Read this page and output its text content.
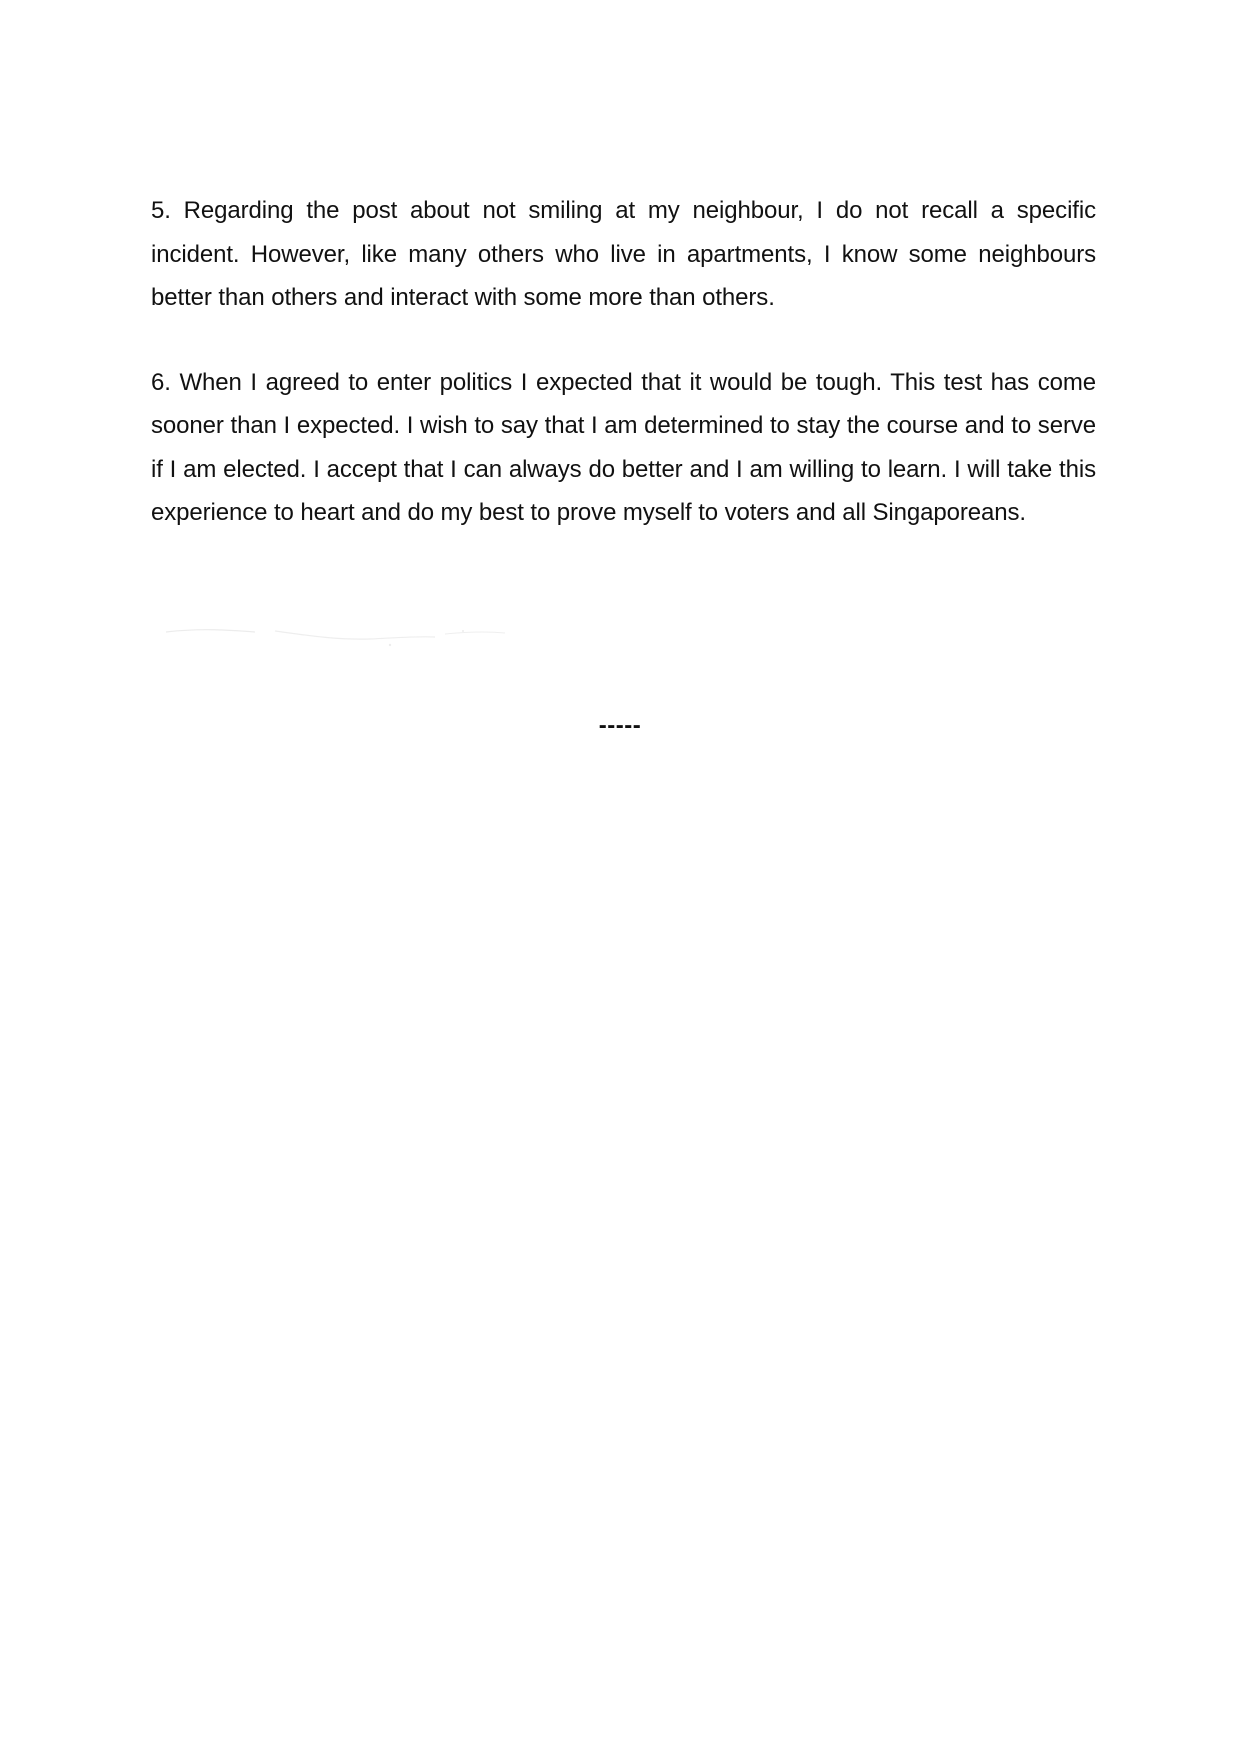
5. Regarding the post about not smiling at my neighbour, I do not recall a specific incident. However, like many others who live in apartments, I know some neighbours better than others and interact with some more than others.

6. When I agreed to enter politics I expected that it would be tough. This test has come sooner than I expected. I wish to say that I am determined to stay the course and to serve if I am elected. I accept that I can always do better and I am willing to learn. I will take this experience to heart and do my best to prove myself to voters and all Singaporeans.

-----
